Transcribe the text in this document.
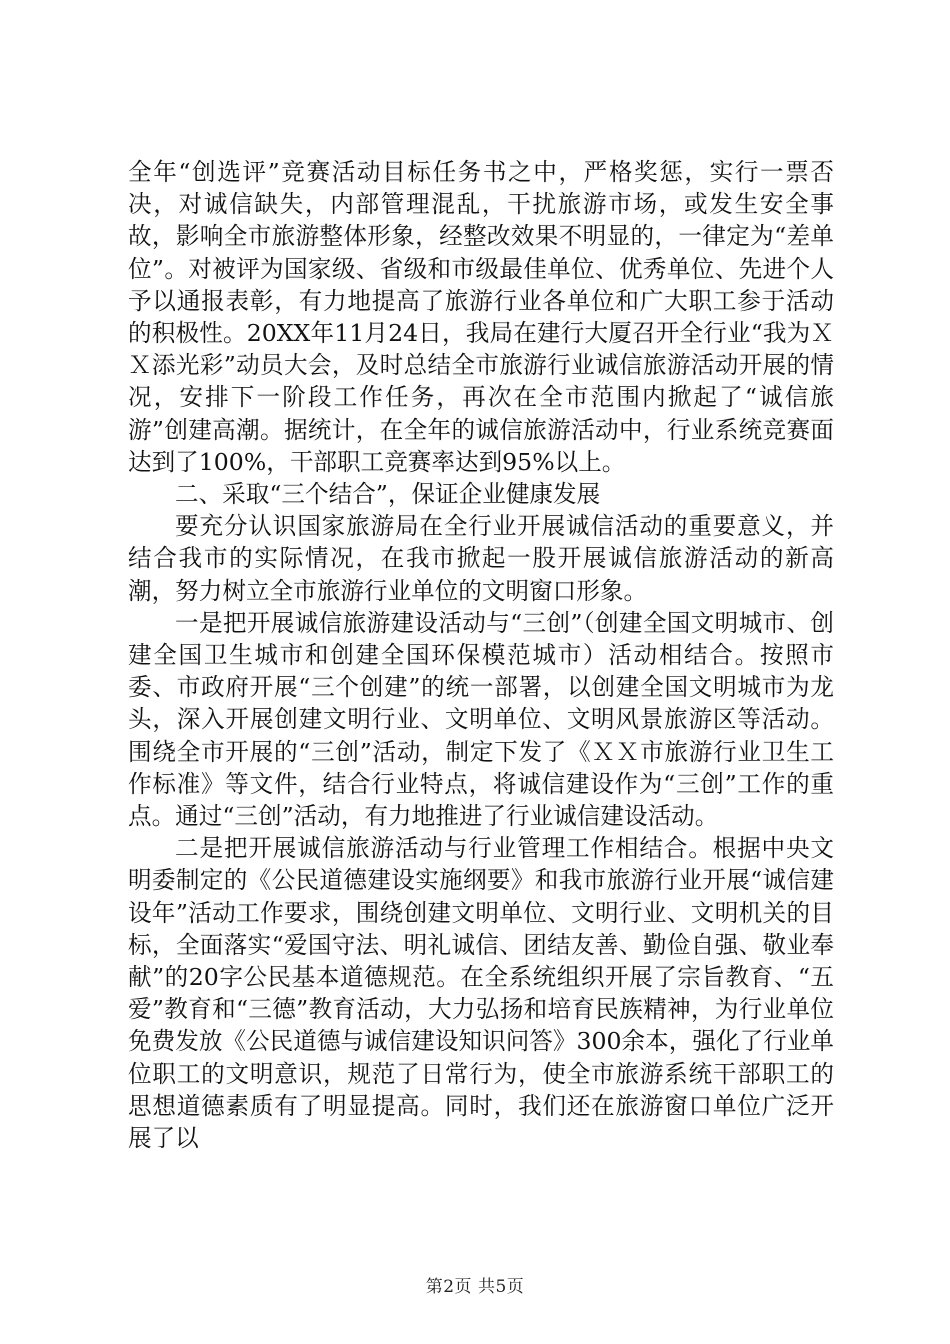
全年“创选评”竞赛活动目标任务书之中，严格奖惩，实行一票否决，对诚信缺失，内部管理混乱，干扰旅游市场，或发生安全事故，影响全市旅游整体形象，经整改效果不明显的，一律定为“差单位”。对被评为国家级、省级和市级最佳单位、优秀单位、先进个人予以通报表彰，有力地提高了旅游行业各单位和广大职工参于活动的积极性。20XX年11月24日，我局在建行大厦召开全行业“我为ＸＸ添光彩”动员大会，及时总结全市旅游行业诚信旅游活动开展的情况，安排下一阶段工作任务，再次在全市范围内掀起了“诚信旅游”创建高潮。据统计，在全年的诚信旅游活动中，行业系统竞赛面达到了100%，干部职工竞赛率达到95%以上。

二、采取“三个结合”，保证企业健康发展

要充分认识国家旅游局在全行业开展诚信活动的重要意义，并结合我市的实际情况，在我市掀起一股开展诚信旅游活动的新高潮，努力树立全市旅游行业单位的文明窗口形象。

一是把开展诚信旅游建设活动与“三创”（创建全国文明城市、创建全国卫生城市和创建全国环保模范城市）活动相结合。按照市委、市政府开展“三个创建”的统一部署，以创建全国文明城市为龙头，深入开展创建文明行业、文明单位、文明风景旅游区等活动。围绕全市开展的“三创”活动，制定下发了《ＸＸ市旅游行业卫生工作标准》等文件，结合行业特点，将诚信建设作为“三创”工作的重点。通过“三创”活动，有力地推进了行业诚信建设活动。

二是把开展诚信旅游活动与行业管理工作相结合。根据中央文明委制定的《公民道德建设实施纲要》和我市旅游行业开展“诚信建设年”活动工作要求，围绕创建文明单位、文明行业、文明机关的目标，全面落实“爱国守法、明礼诚信、团结友善、勤俭自强、敬业奉献”的20字公民基本道德规范。在全系统组织开展了宗旨教育、“五爱”教育和“三德”教育活动，大力弘扬和培育民族精神，为行业单位免费发放《公民道德与诚信建设知识问答》300余本，强化了行业单位职工的文明意识，规范了日常行为，使全市旅游系统干部职工的思想道德素质有了明显提高。同时，我们还在旅游窗口单位广泛开展了以

第2页 共5页
